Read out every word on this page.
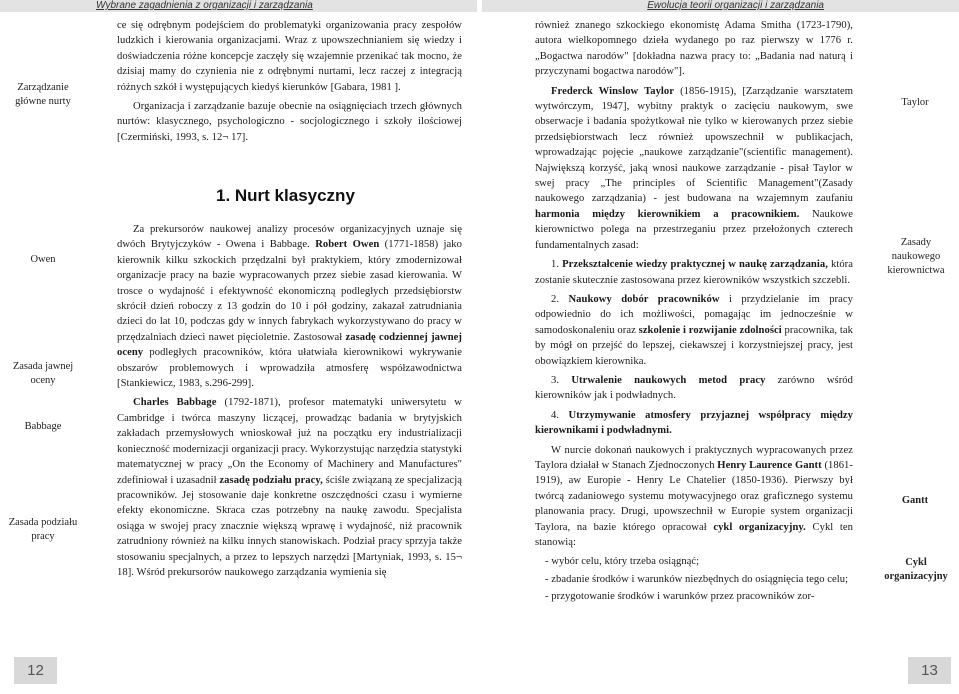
Wybrane zagadnienia z organizacji i zarządzania	Ewolucja teorii organizacji i zarządzania
Zarządzanie główne nurty
Owen
Zasada jawnej oceny
Babbage
Zasada podziału pracy
Taylor
Zasady naukowego kierownictwa
Gantt
Cykl organizacyjny

ce się odrębnym podejściem do problematyki organizowania pracy zespołów ludzkich i kierowania organizacjami. Wraz z upowszechnianiem się wiedzy i doświadczenia różne koncepcje zaczęły się wzajemnie przenikać tak mocno, że dzisiaj mamy do czynienia nie z odrębnymi nurtami, lecz raczej z integracją różnych szkół i występujących kiedyś kierunków [Gabara, 1981 ].

Organizacja i zarządzanie bazuje obecnie na osiągnięciach trzech głównych nurtów: klasycznego, psychologiczno - socjologicznego i szkoły ilościowej [Czermiński, 1993, s. 12¬ 17].

1. Nurt klasyczny

Za prekursorów naukowej analizy procesów organizacyjnych uznaje się dwóch Brytyjczyków - Owena i Babbage. Robert Owen (1771-1858) jako kierownik kilku szkockich przędzalni był praktykiem, który zmodernizował organizacje pracy na bazie wypracowanych przez siebie zasad kierowania. W trosce o wydajność i efektywność ekonomiczną podległych przedsiębiorstw skrócił dzień roboczy z 13 godzin do 10 i pół godziny, zakazał zatrudniania dzieci do lat 10, podczas gdy w innych fabrykach wykorzystywano do pracy w przędzalniach dzieci nawet pięcioletnie. Zastosował zasadę codziennej jawnej oceny podległych pracowników, która ułatwiała kierownikowi wykrywanie obszarów problemowych i wprowadziła atmosferę współzawodnictwa [Stankiewicz, 1983, s.296-299].

Charles Babbage (1792-1871), profesor matematyki uniwersytetu w Cambridge i twórca maszyny liczącej, prowadząc badania w brytyjskich zakładach przemysłowych wnioskował już na początku ery industrializacji konieczność modernizacji organizacji pracy. Wykorzystując narzędzia statystyki matematycznej w pracy „On the Economy of Machinery and Manufactures" zdefiniował i uzasadnił zasadę podziału pracy, ściśle związaną ze specjalizacją pracowników. Jej stosowanie daje konkretne oszczędności czasu i wymierne efekty ekonomiczne. Skraca czas potrzebny na naukę zawodu. Specjalista osiąga w swojej pracy znacznie większą wprawę i wydajność, niż pracownik zatrudniony również na kilku innych stanowiskach. Podział pracy sprzyja także stosowaniu specjalnych, a przez to lepszych narzędzi [Martyniak, 1993, s. 15¬ 18]. Wśród prekursorów naukowego zarządzania wymienia się

również znanego szkockiego ekonomistę Adama Smitha (1723-1790), autora wielkopomnego dzieła wydanego po raz pierwszy w 1776 r. „Bogactwa narodów" [dokładna nazwa pracy to: „Badania nad naturą i przyczynami bogactwa narodów"].

Frederck Winslow Taylor (1856-1915), [Zarządzanie warsztatem wytwórczym, 1947], wybitny praktyk o zacięciu naukowym, swe obserwacje i badania spożytkował nie tylko w kierowanych przez siebie przedsiębiorstwach lecz również upowszechnił w publikacjach, wprowadzając pojęcie „naukowe zarządzanie"(scientific management). Największą korzyść, jaką wnosi naukowe zarządzanie - pisał Taylor w swej pracy „The principles of Scientific Management"(Zasady naukowego zarządzania) - jest budowana na wzajemnym zaufaniu harmonia między kierownikiem a pracownikiem. Naukowe kierownictwo polega na przestrzeganiu przez przełożonych czterech fundamentalnych zasad:

1. Przekształcenie wiedzy praktycznej w naukę zarządzania, która zostanie skutecznie zastosowana przez kierowników wszystkich szczebli.

2. Naukowy dobór pracowników i przydzielanie im pracy odpowiednio do ich możliwości, pomagając im jednocześnie w samodoskonaleniu oraz szkolenie i rozwijanie zdolności pracownika, tak by mógł on przejść do lepszej, ciekawszej i korzystniejszej pracy, jest obowiązkiem kierownika.

3. Utrwalenie naukowych metod pracy zarówno wśród kierowników jak i podwładnych.

4. Utrzymywanie atmosfery przyjaznej współpracy między kierownikami i podwładnymi.

W nurcie dokonań naukowych i praktycznych wypracowanych przez Taylora działał w Stanach Zjednoczonych Henry Laurence Gantt (1861-1919), aw Europie - Henry Le Chatelier (1850-1936). Pierwszy był twórcą zadaniowego systemu motywacyjnego oraz graficznego systemu planowania pracy. Drugi, upowszechnił w Europie system organizacji Taylora, na bazie którego opracował cykl organizacyjny. Cykl ten stanowią:

- wybór celu, który trzeba osiągnąć;

- zbadanie środków i warunków niezbędnych do osiągnięcia tego celu;

- przygotowanie środków i warunków przez pracowników zor-

12	13
